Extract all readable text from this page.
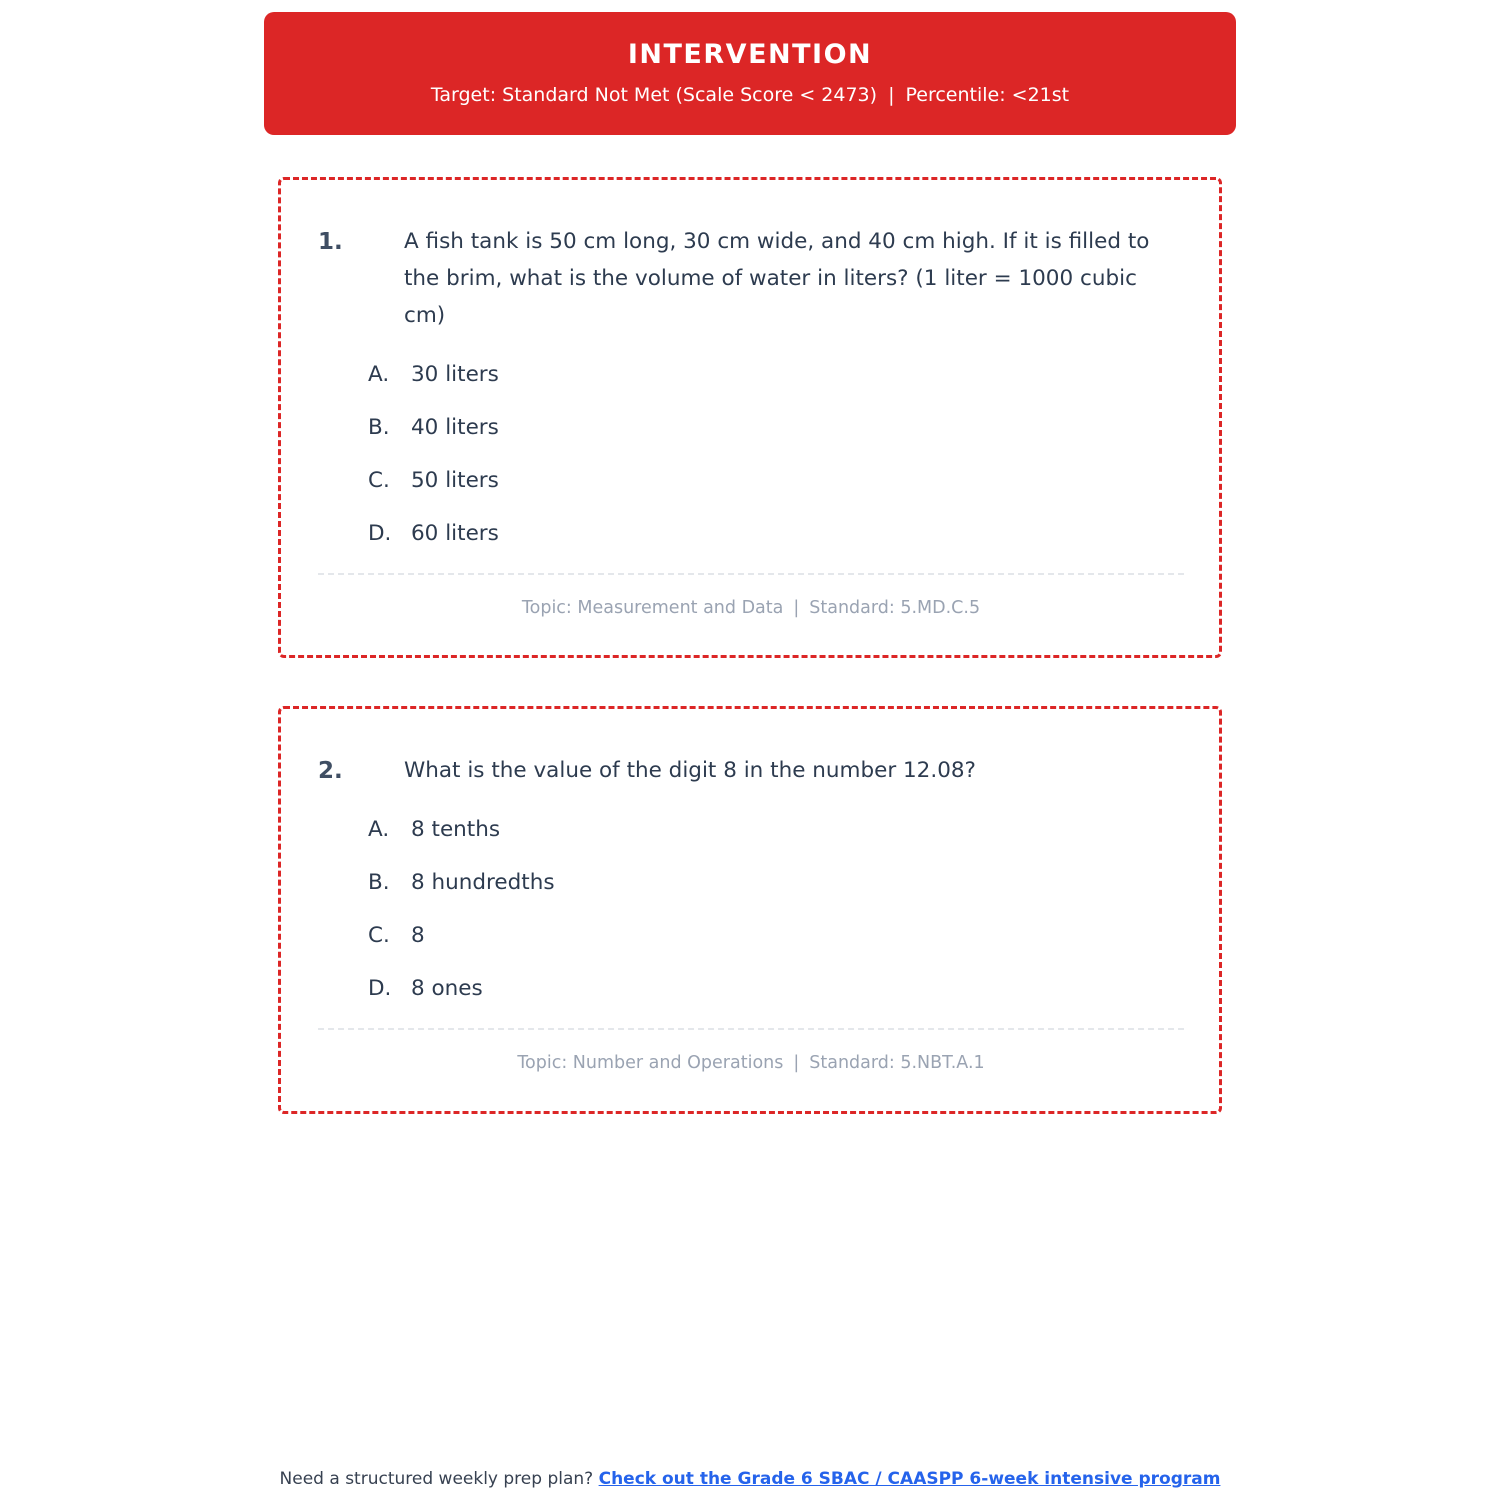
INTERVENTION
Target: Standard Not Met (Scale Score < 2473) | Percentile: <21st
1.	A fish tank is 50 cm long, 30 cm wide, and 40 cm high. If it is filled to the brim, what is the volume of water in liters? (1 liter = 1000 cubic cm)
A.	30 liters
B. 40 liters
C. 50 liters
D. 60 liters
Topic: Measurement and Data | Standard: 5.MD.C.5
2.	What is the value of the digit 8 in the number 12.08?
A.	8 tenths
B. 8 hundredths
C. 8
D. 8 ones
Topic: Number and Operations | Standard: 5.NBT.A.1
Need a structured weekly prep plan? Check out the Grade 6 SBAC / CAASPP 6-week intensive program
